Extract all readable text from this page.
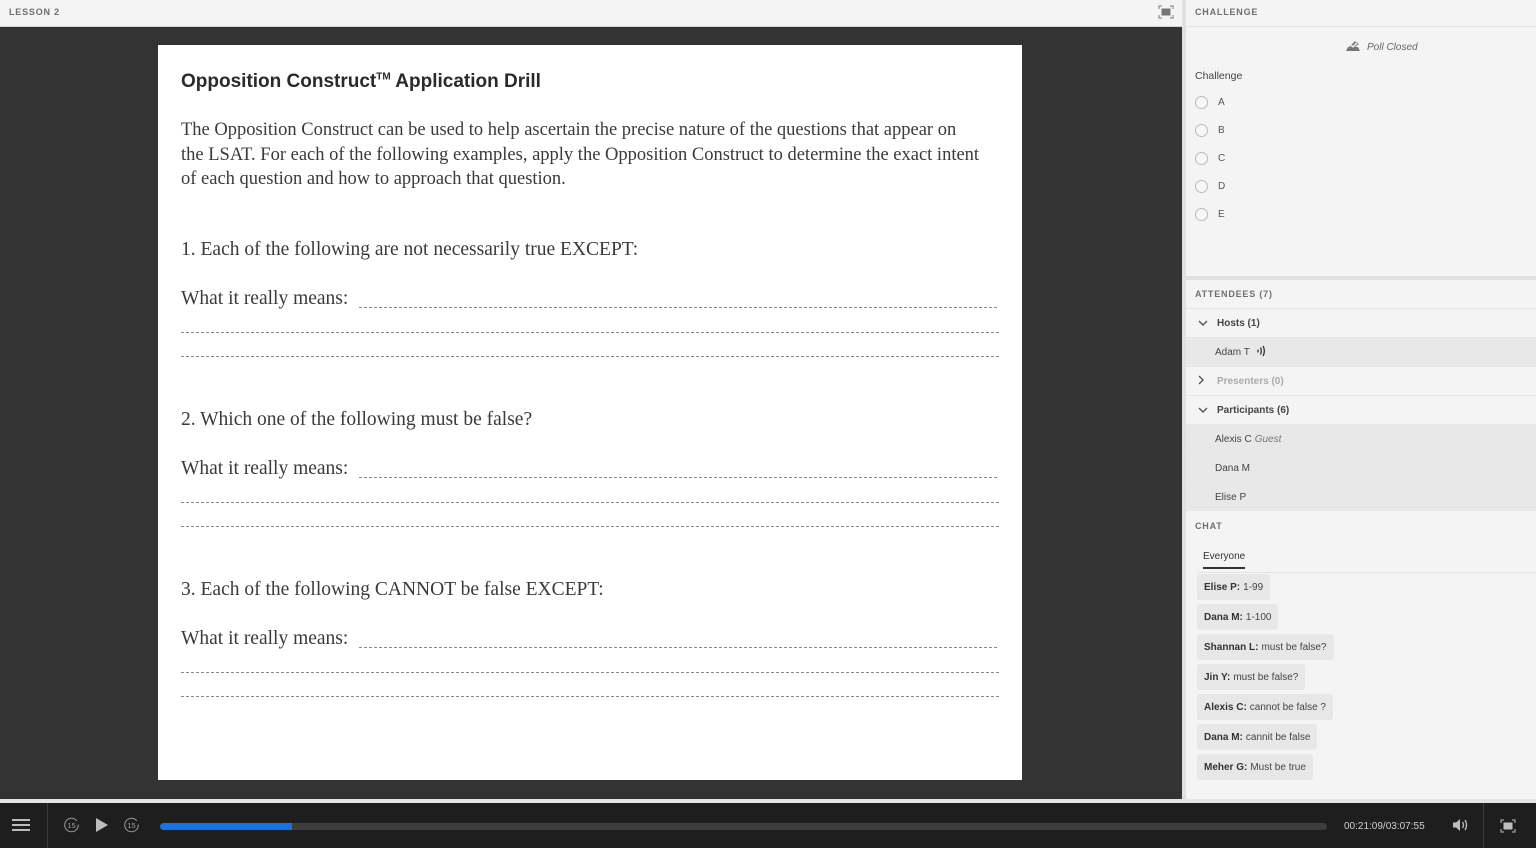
LESSON 2
Opposition Construct™ Application Drill
The Opposition Construct can be used to help ascertain the precise nature of the questions that appear on the LSAT. For each of the following examples, apply the Opposition Construct to determine the exact intent of each question and how to approach that question.
1. Each of the following are not necessarily true EXCEPT:
What it really means:
2. Which one of the following must be false?
What it really means:
3. Each of the following CANNOT be false EXCEPT:
What it really means:
CHALLENGE
Poll Closed
Challenge
A
B
C
D
E
ATTENDEES (7)
Hosts (1)
Adam T
Presenters (0)
Participants (6)
Alexis C Guest
Dana M
Elise P
CHAT
Everyone
Elise P: 1-99
Dana M: 1-100
Shannan L: must be false?
Jin Y: must be false?
Alexis C: cannot be false ?
Dana M: cannit be false
Meher G: Must be true
15	15	00:21:09/03:07:55
